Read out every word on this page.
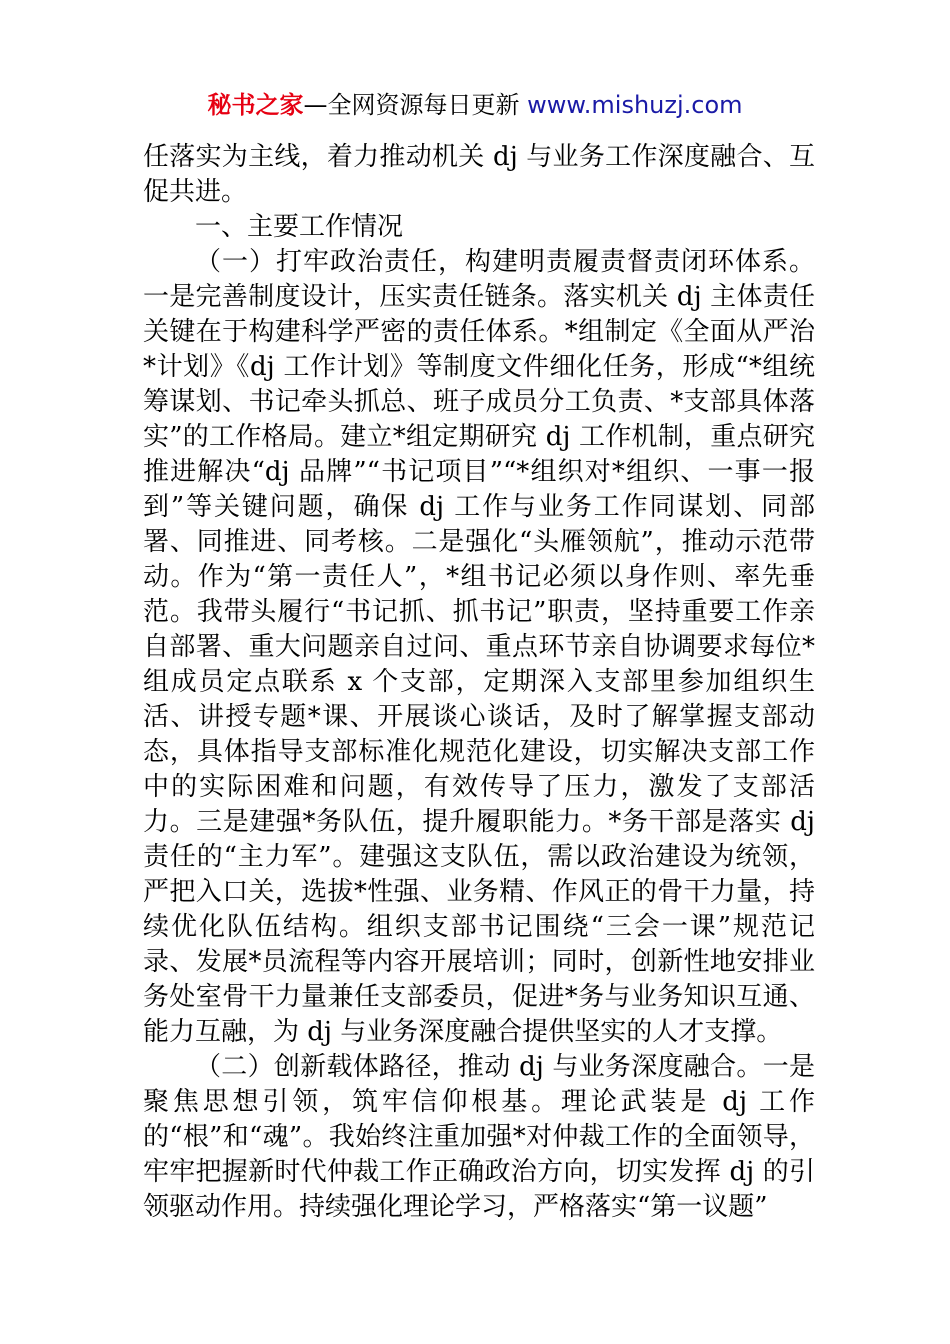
秘书之家—全网资源每日更新 www.mishuzj.com

任落实为主线，着力推动机关 dj 与业务工作深度融合、互促共进。

一、主要工作情况

（一）打牢政治责任，构建明责履责督责闭环体系。一是完善制度设计，压实责任链条。落实机关 dj 主体责任关键在于构建科学严密的责任体系。*组制定《全面从严治*计划》《dj 工作计划》等制度文件细化任务，形成“*组统筹谋划、书记牵头抓总、班子成员分工负责、*支部具体落实”的工作格局。建立*组定期研究 dj 工作机制，重点研究推进解决“dj 品牌”“书记项目”“*组织对*组织、一事一报到”等关键问题，确保 dj 工作与业务工作同谋划、同部署、同推进、同考核。二是强化“头雁领航”，推动示范带动。作为“第一责任人”，*组书记必须以身作则、率先垂范。我带头履行“书记抓、抓书记”职责，坚持重要工作亲自部署、重大问题亲自过问、重点环节亲自协调要求每位*组成员定点联系 x 个支部，定期深入支部里参加组织生活、讲授专题*课、开展谈心谈话，及时了解掌握支部动态，具体指导支部标准化规范化建设，切实解决支部工作中的实际困难和问题，有效传导了压力，激发了支部活力。三是建强*务队伍，提升履职能力。*务干部是落实 dj 责任的“主力军”。建强这支队伍，需以政治建设为统领，严把入口关，选拔*性强、业务精、作风正的骨干力量，持续优化队伍结构。组织支部书记围绕“三会一课”规范记录、发展*员流程等内容开展培训；同时，创新性地安排业务处室骨干力量兼任支部委员，促进*务与业务知识互通、能力互融，为 dj 与业务深度融合提供坚实的人才支撑。

（二）创新载体路径，推动 dj 与业务深度融合。一是聚焦思想引领，筑牢信仰根基。理论武装是 dj 工作的“根”和“魂”。我始终注重加强*对仲裁工作的全面领导，牢牢把握新时代仲裁工作正确政治方向，切实发挥 dj 的引领驱动作用。持续强化理论学习，严格落实“第一议题”
